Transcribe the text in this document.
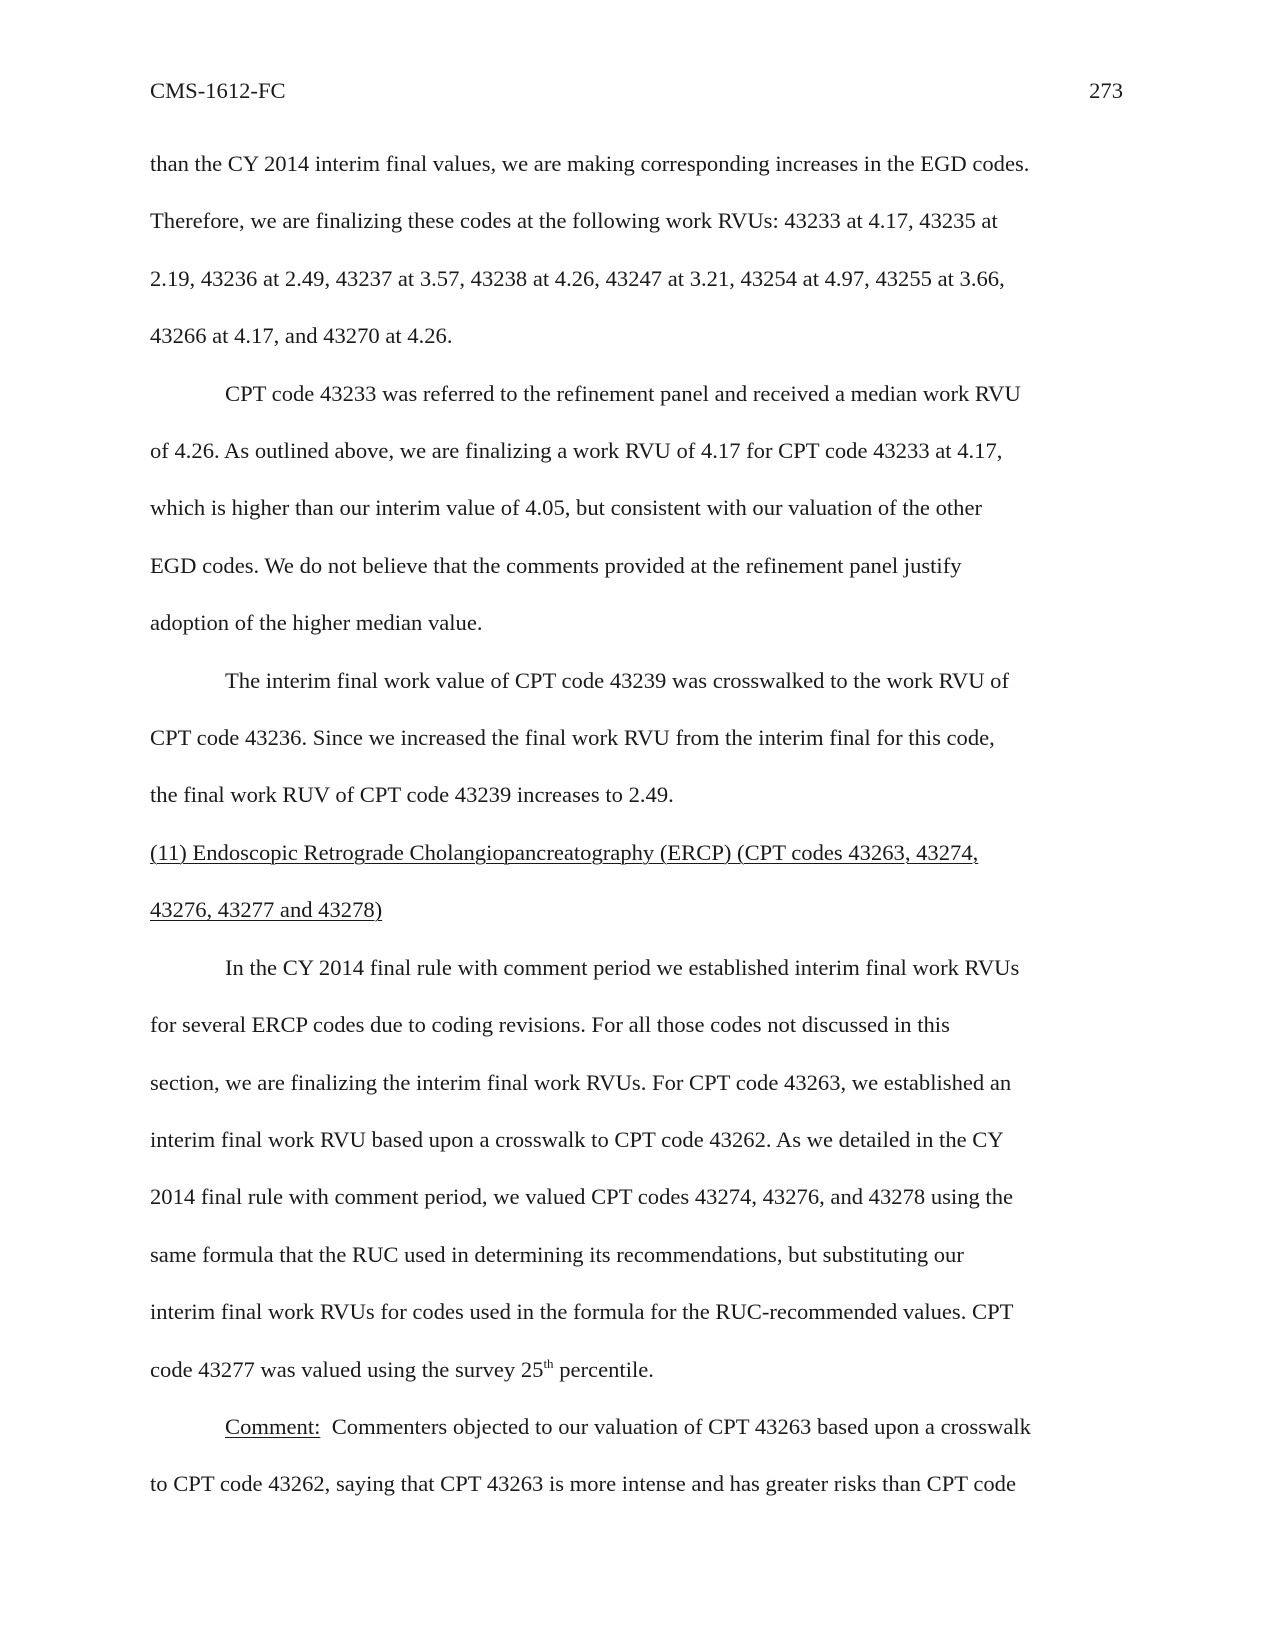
CMS-1612-FC	273
than the CY 2014 interim final values, we are making corresponding increases in the EGD codes.
Therefore, we are finalizing these codes at the following work RVUs: 43233 at 4.17, 43235 at
2.19, 43236 at 2.49, 43237 at 3.57, 43238 at 4.26, 43247 at 3.21, 43254 at 4.97, 43255 at 3.66,
43266 at 4.17, and 43270 at 4.26.
CPT code 43233 was referred to the refinement panel and received a median work RVU
of 4.26. As outlined above, we are finalizing a work RVU of 4.17 for CPT code 43233 at 4.17,
which is higher than our interim value of 4.05, but consistent with our valuation of the other
EGD codes. We do not believe that the comments provided at the refinement panel justify
adoption of the higher median value.
The interim final work value of CPT code 43239 was crosswalked to the work RVU of
CPT code 43236. Since we increased the final work RVU from the interim final for this code,
the final work RUV of CPT code 43239 increases to 2.49.
(11) Endoscopic Retrograde Cholangiopancreatography (ERCP) (CPT codes 43263, 43274,
43276, 43277 and 43278)
In the CY 2014 final rule with comment period we established interim final work RVUs
for several ERCP codes due to coding revisions. For all those codes not discussed in this
section, we are finalizing the interim final work RVUs. For CPT code 43263, we established an
interim final work RVU based upon a crosswalk to CPT code 43262. As we detailed in the CY
2014 final rule with comment period, we valued CPT codes 43274, 43276, and 43278 using the
same formula that the RUC used in determining its recommendations, but substituting our
interim final work RVUs for codes used in the formula for the RUC-recommended values. CPT
code 43277 was valued using the survey 25th percentile.
Comment:  Commenters objected to our valuation of CPT 43263 based upon a crosswalk
to CPT code 43262, saying that CPT 43263 is more intense and has greater risks than CPT code
